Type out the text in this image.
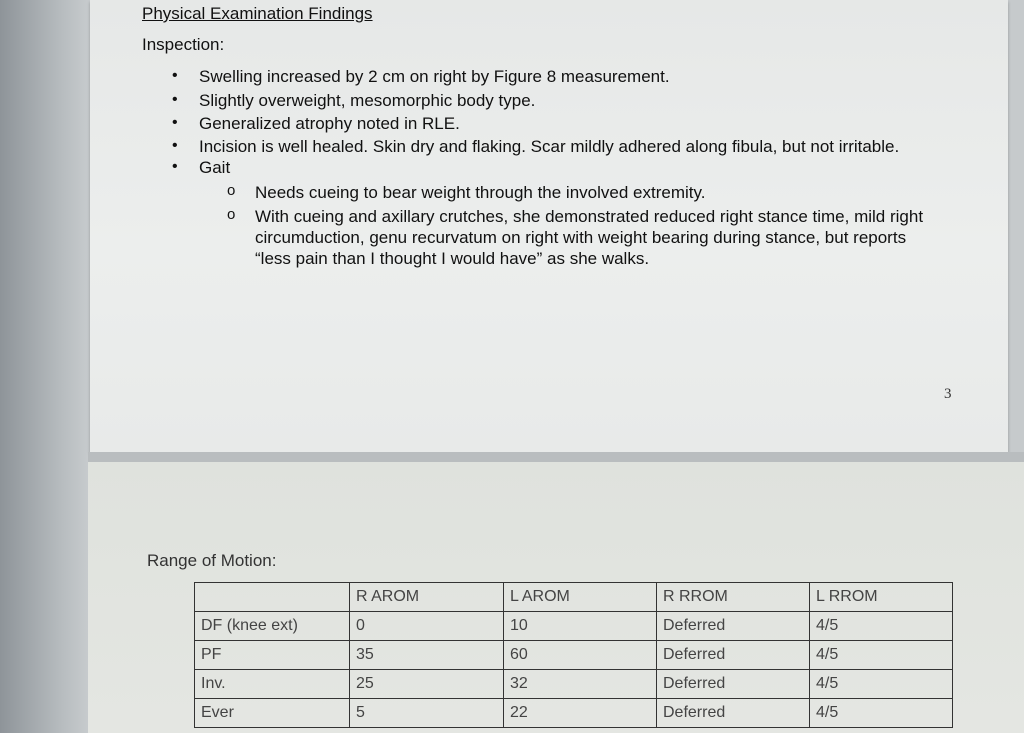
Physical Examination Findings
Inspection:
• Swelling increased by 2 cm on right by Figure 8 measurement.
• Slightly overweight, mesomorphic body type.
• Generalized atrophy noted in RLE.
• Incision is well healed. Skin dry and flaking. Scar mildly adhered along fibula, but not irritable.
• Gait
o Needs cueing to bear weight through the involved extremity.
o With cueing and axillary crutches, she demonstrated reduced right stance time, mild right circumduction, genu recurvatum on right with weight bearing during stance, but reports “less pain than I thought I would have” as she walks.
3
Range of Motion:
	R AROM	L AROM	R RROM	L RROM
DF (knee ext)	0	10	Deferred	4/5
PF	35	60	Deferred	4/5
Inv.	25	32	Deferred	4/5
Ever	5	22	Deferred	4/5
